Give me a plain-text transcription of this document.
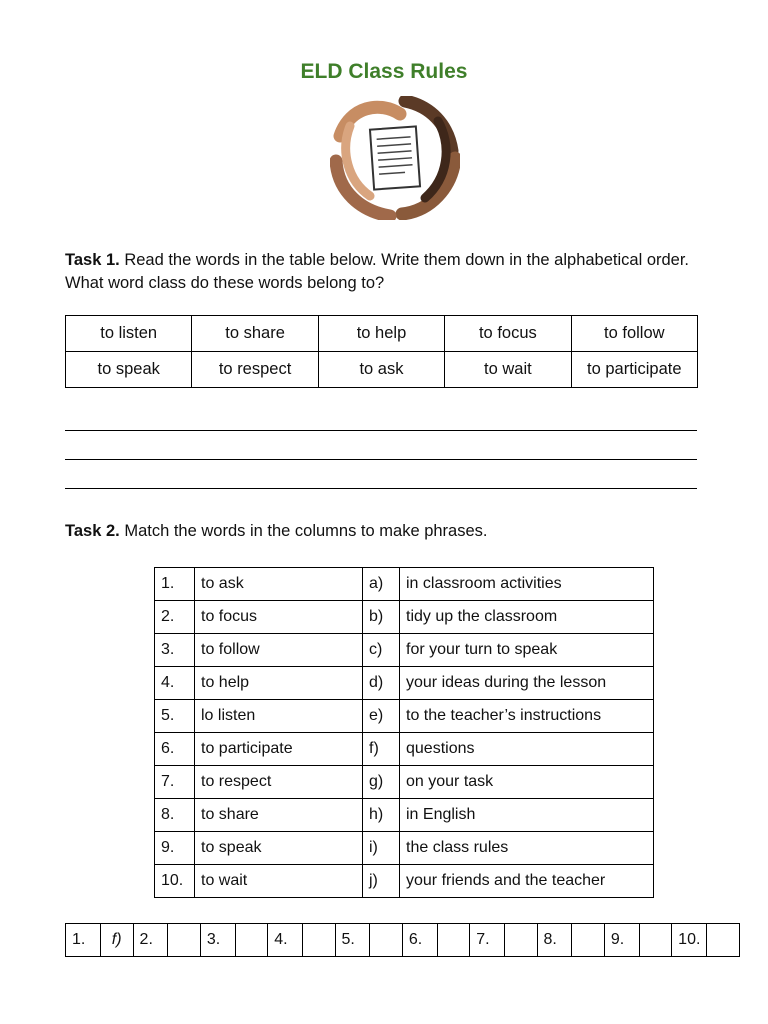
ELD Class Rules
Task 1. Read the words in the table below. Write them down in the alphabetical order. What word class do these words belong to?
to listen	to share	to help	to focus	to follow
to speak	to respect	to ask	to wait	to participate
Task 2. Match the words in the columns to make phrases.
1.	to ask	a)	in classroom activities
2.	to focus	b)	tidy up the classroom
3.	to follow	c)	for your turn to speak
4.	to help	d)	your ideas during the lesson
5.	lo listen	e)	to the teacher’s instructions
6.	to participate	f)	questions
7.	to respect	g)	on your task
8.	to share	h)	in English
9.	to speak	i)	the class rules
10.	to wait	j)	your friends and the teacher
1.	f)	2.		3.		4.		5.		6.		7.		8.		9.		10.	
